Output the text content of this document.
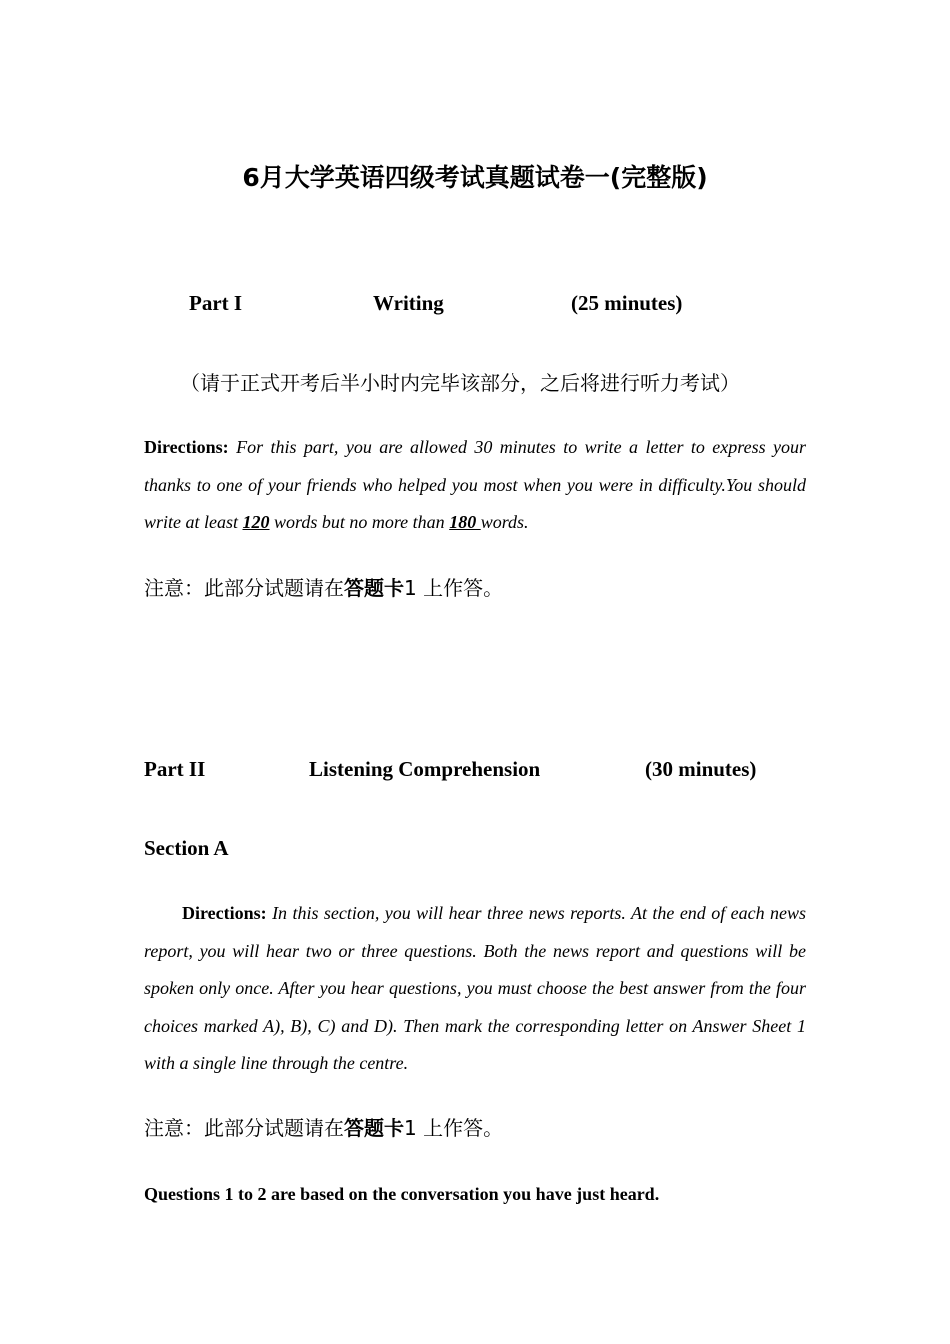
6月大学英语四级考试真题试卷一(完整版)
Part I	Writing	(25 minutes)
（请于正式开考后半小时内完毕该部分，之后将进行听力考试）
Directions: For this part, you are allowed 30 minutes to write a letter to express your thanks to one of your friends who helped you most when you were in difficulty.You should write at least 120 words but no more than 180 words.
注意：此部分试题请在答题卡1 上作答。
Part II	Listening Comprehension	(30 minutes)
Section A
Directions: In this section, you will hear three news reports. At the end of each news report, you will hear two or three questions. Both the news report and questions will be spoken only once. After you hear questions, you must choose the best answer from the four choices marked A), B), C) and D). Then mark the corresponding letter on Answer Sheet 1 with a single line through the centre.
注意：此部分试题请在答题卡1 上作答。
Questions 1 to 2 are based on the conversation you have just heard.
